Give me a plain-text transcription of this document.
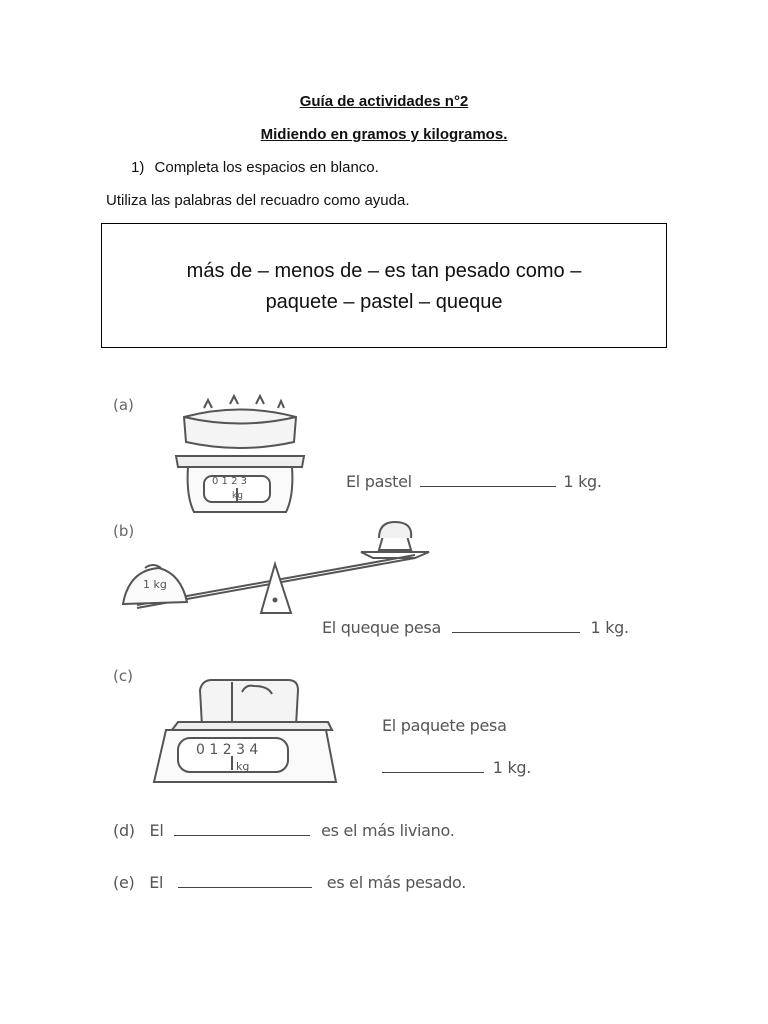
Guía de actividades n°2
Midiendo en gramos y kilogramos.
1) Completa los espacios en blanco.
Utiliza las palabras del recuadro como ayuda.
más de – menos de – es tan pesado como –
paquete – pastel – queque
(a)
0 1 2 3
kg
El pastel	1 kg.
(b)
1 kg
El queque pesa	1 kg.
(c)
0 1 2 3 4
kg
El paquete pesa
1 kg.
(d) El	es el más liviano.
(e) El	es el más pesado.
